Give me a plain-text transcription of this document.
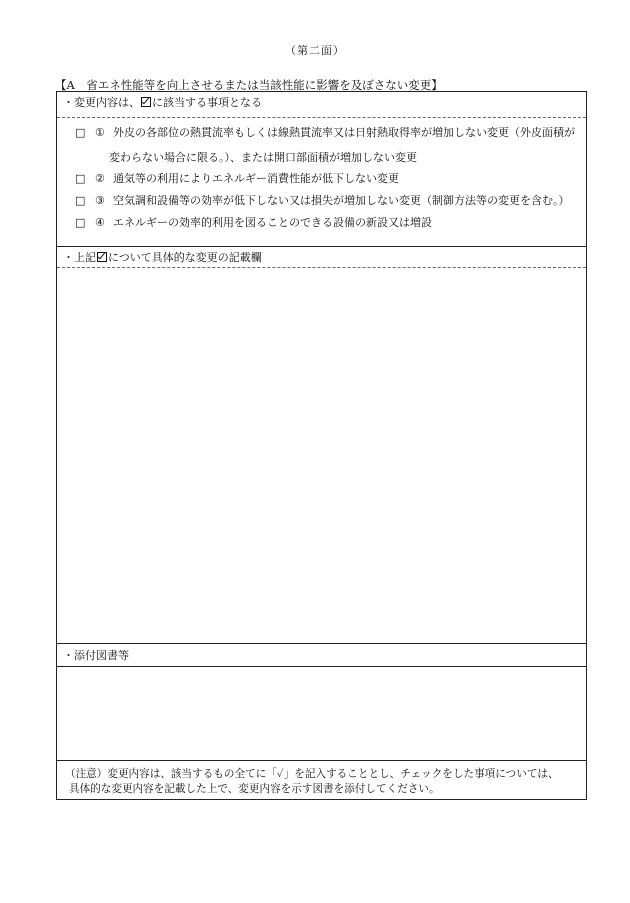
（第二面）
【A　省エネ性能等を向上させるまたは当該性能に影響を及ぼさない変更】
・変更内容は、 に該当する事項となる
□ ① 外皮の各部位の熱貫流率もしくは線熱貫流率又は日射熱取得率が増加しない変更（外皮面積が
変わらない場合に限る。）、または開口部面積が増加しない変更
□ ② 通気等の利用によりエネルギー消費性能が低下しない変更
□ ③ 空気調和設備等の効率が低下しない又は損失が増加しない変更（制御方法等の変更を含む。）
□ ④ エネルギーの効率的利用を図ることのできる設備の新設又は増設
・上記 について具体的な変更の記載欄
・添付図書等
（注意）変更内容は、該当するもの全てに「✓」を記入することとし、チェックをした事項については、
具体的な変更内容を記載した上で、変更内容を示す図書を添付してください。
